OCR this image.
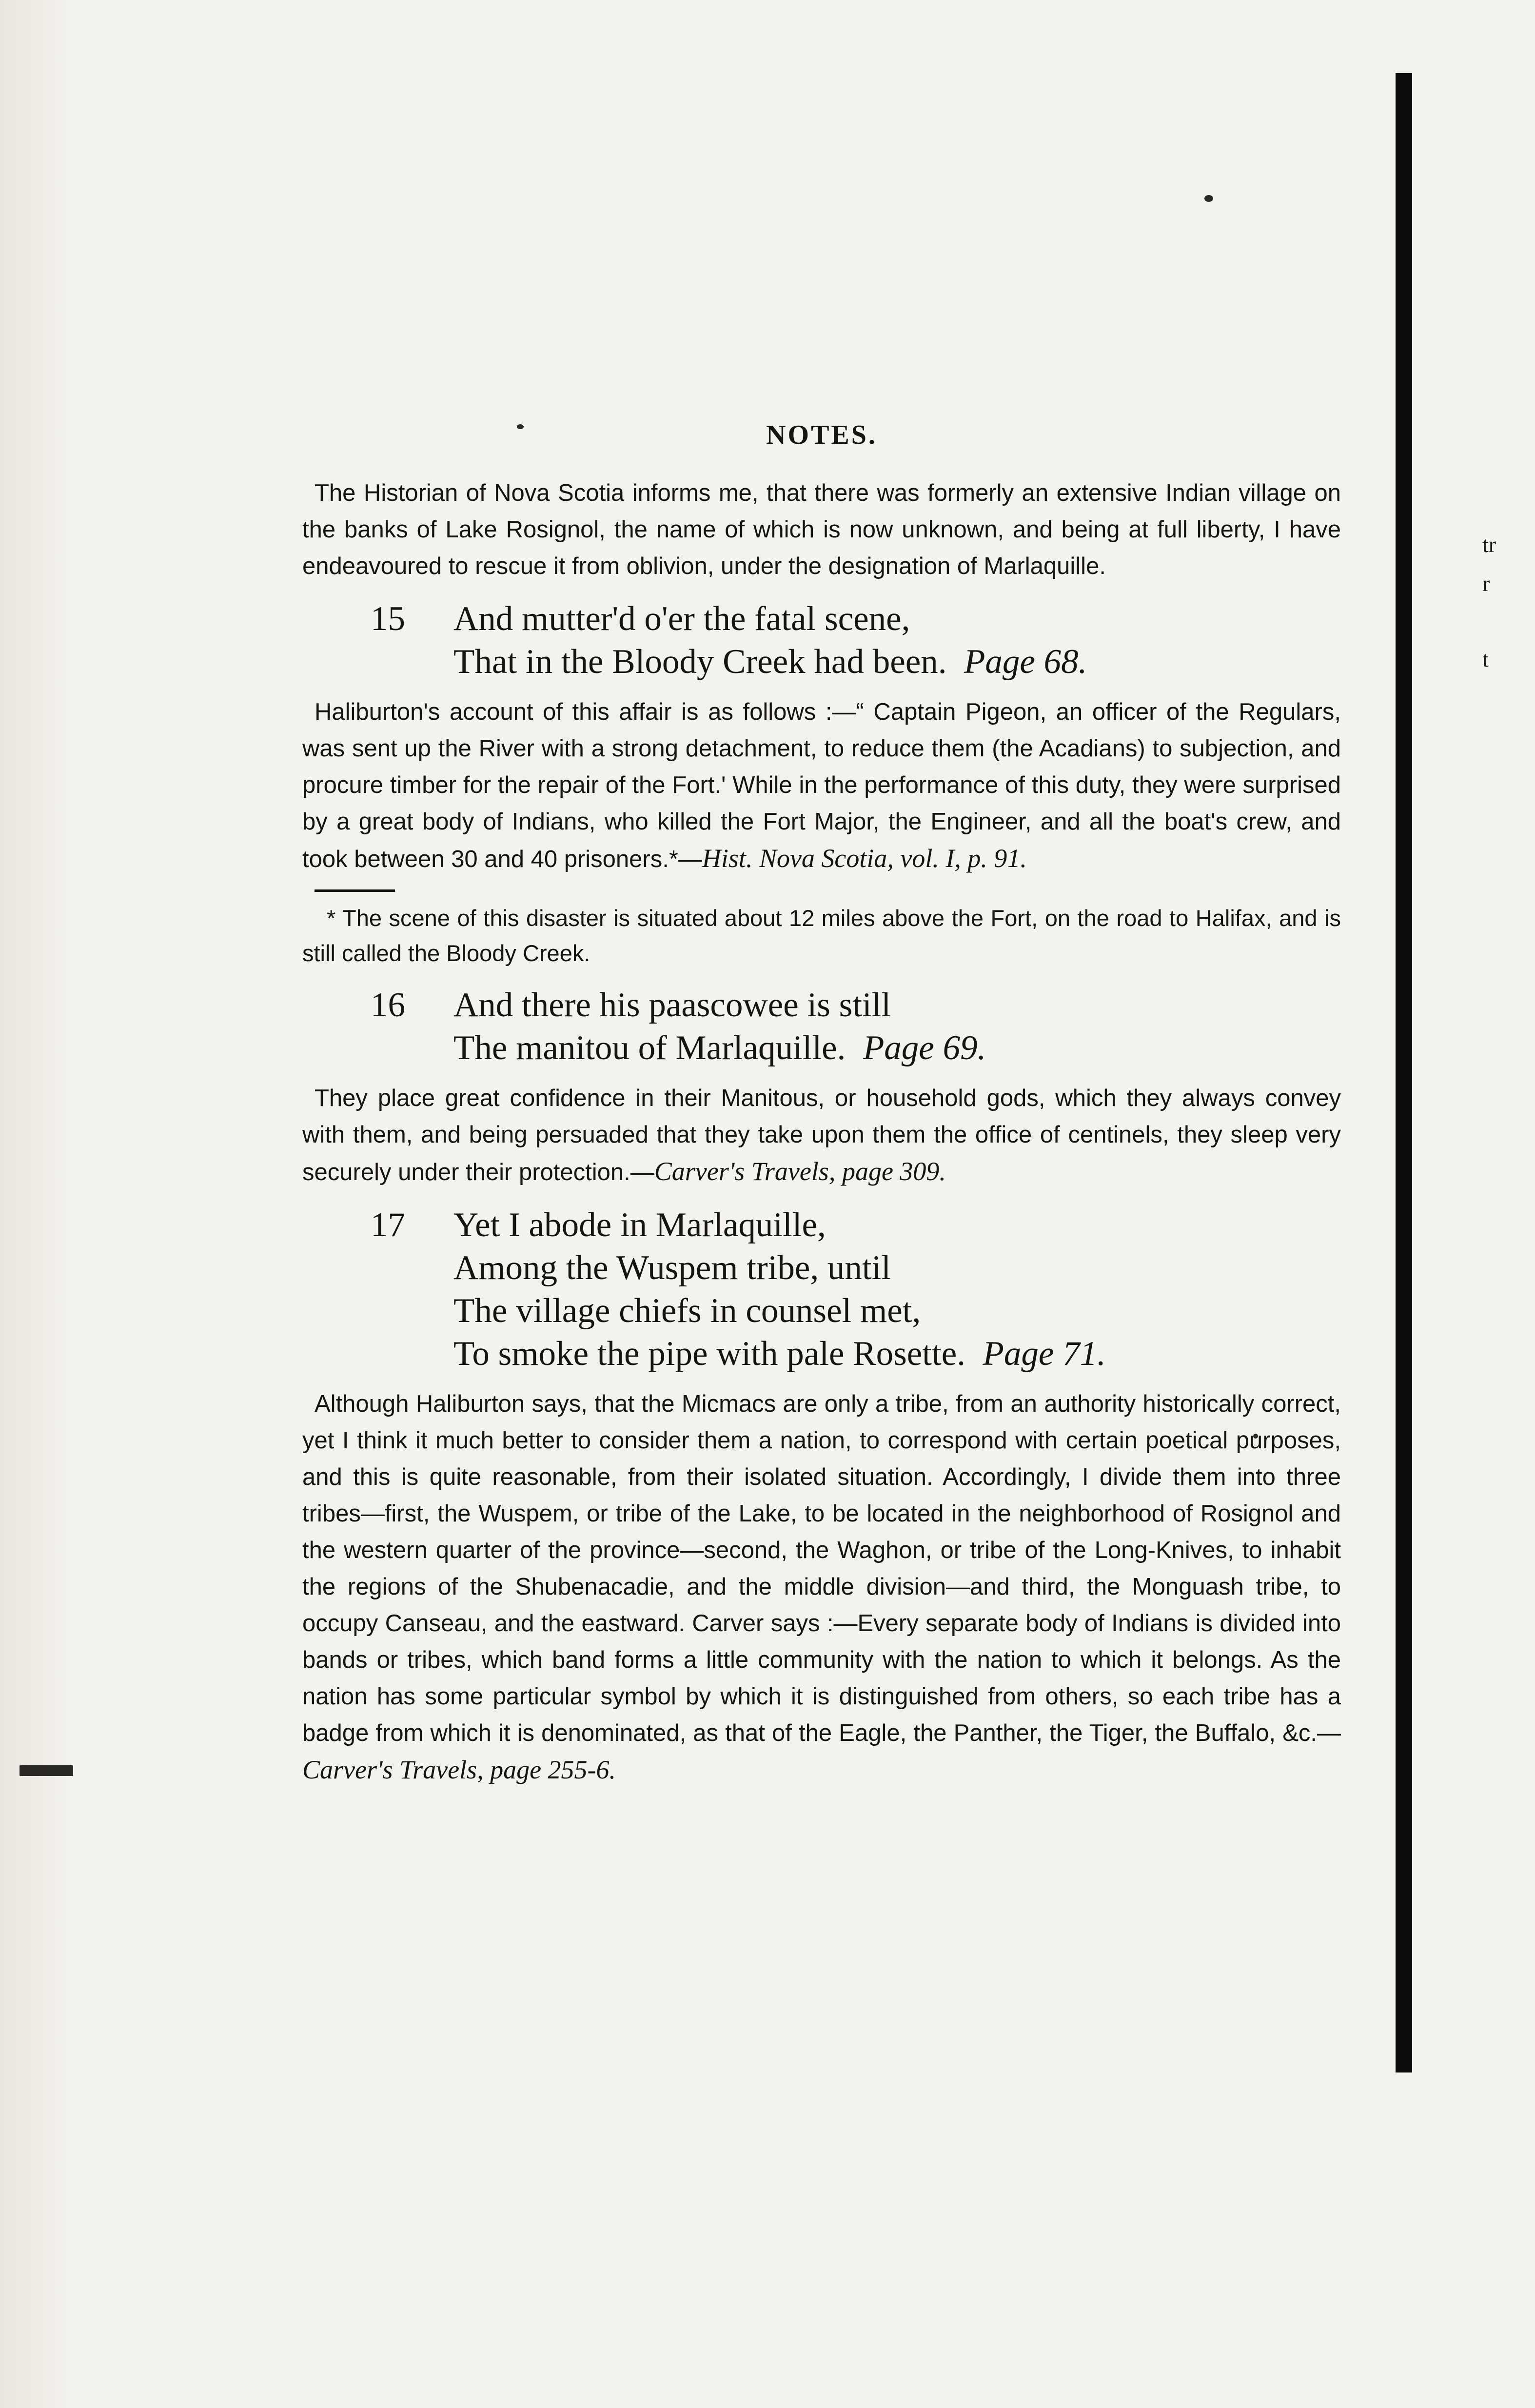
tr
r
t
NOTES.

The Historian of Nova Scotia informs me, that there was formerly an extensive Indian village on the banks of Lake Rosignol, the name of which is now unknown, and being at full liberty, I have endeavoured to rescue it from oblivion, under the designation of Marlaquille.

15 And mutter'd o'er the fatal scene,
That in the Bloody Creek had been. Page 68.

Haliburton's account of this affair is as follows :—“ Captain Pigeon, an officer of the Regulars, was sent up the River with a strong detachment, to reduce them (the Acadians) to subjection, and procure timber for the repair of the Fort.' While in the performance of this duty, they were surprised by a great body of Indians, who killed the Fort Major, the Engineer, and all the boat's crew, and took between 30 and 40 prisoners.*—Hist. Nova Scotia, vol. I, p. 91.

* The scene of this disaster is situated about 12 miles above the Fort, on the road to Halifax, and is still called the Bloody Creek.

16 And there his paascowee is still
The manitou of Marlaquille. Page 69.

They place great confidence in their Manitous, or household gods, which they always convey with them, and being persuaded that they take upon them the office of centinels, they sleep very securely under their protection.—Carver's Travels, page 309.

17 Yet I abode in Marlaquille,
Among the Wuspem tribe, until
The village chiefs in counsel met,
To smoke the pipe with pale Rosette. Page 71.

Although Haliburton says, that the Micmacs are only a tribe, from an authority historically correct, yet I think it much better to consider them a nation, to correspond with certain poetical purposes, and this is quite reasonable, from their isolated situation. Accordingly, I divide them into three tribes—first, the Wuspem, or tribe of the Lake, to be located in the neighborhood of Rosignol and the western quarter of the province—second, the Waghon, or tribe of the Long-Knives, to inhabit the regions of the Shubenacadie, and the middle division—and third, the Monguash tribe, to occupy Canseau, and the eastward. Carver says :—Every separate body of Indians is divided into bands or tribes, which band forms a little community with the nation to which it belongs. As the nation has some particular symbol by which it is distinguished from others, so each tribe has a badge from which it is denominated, as that of the Eagle, the Panther, the Tiger, the Buffalo, &c.—Carver's Travels, page 255-6.
